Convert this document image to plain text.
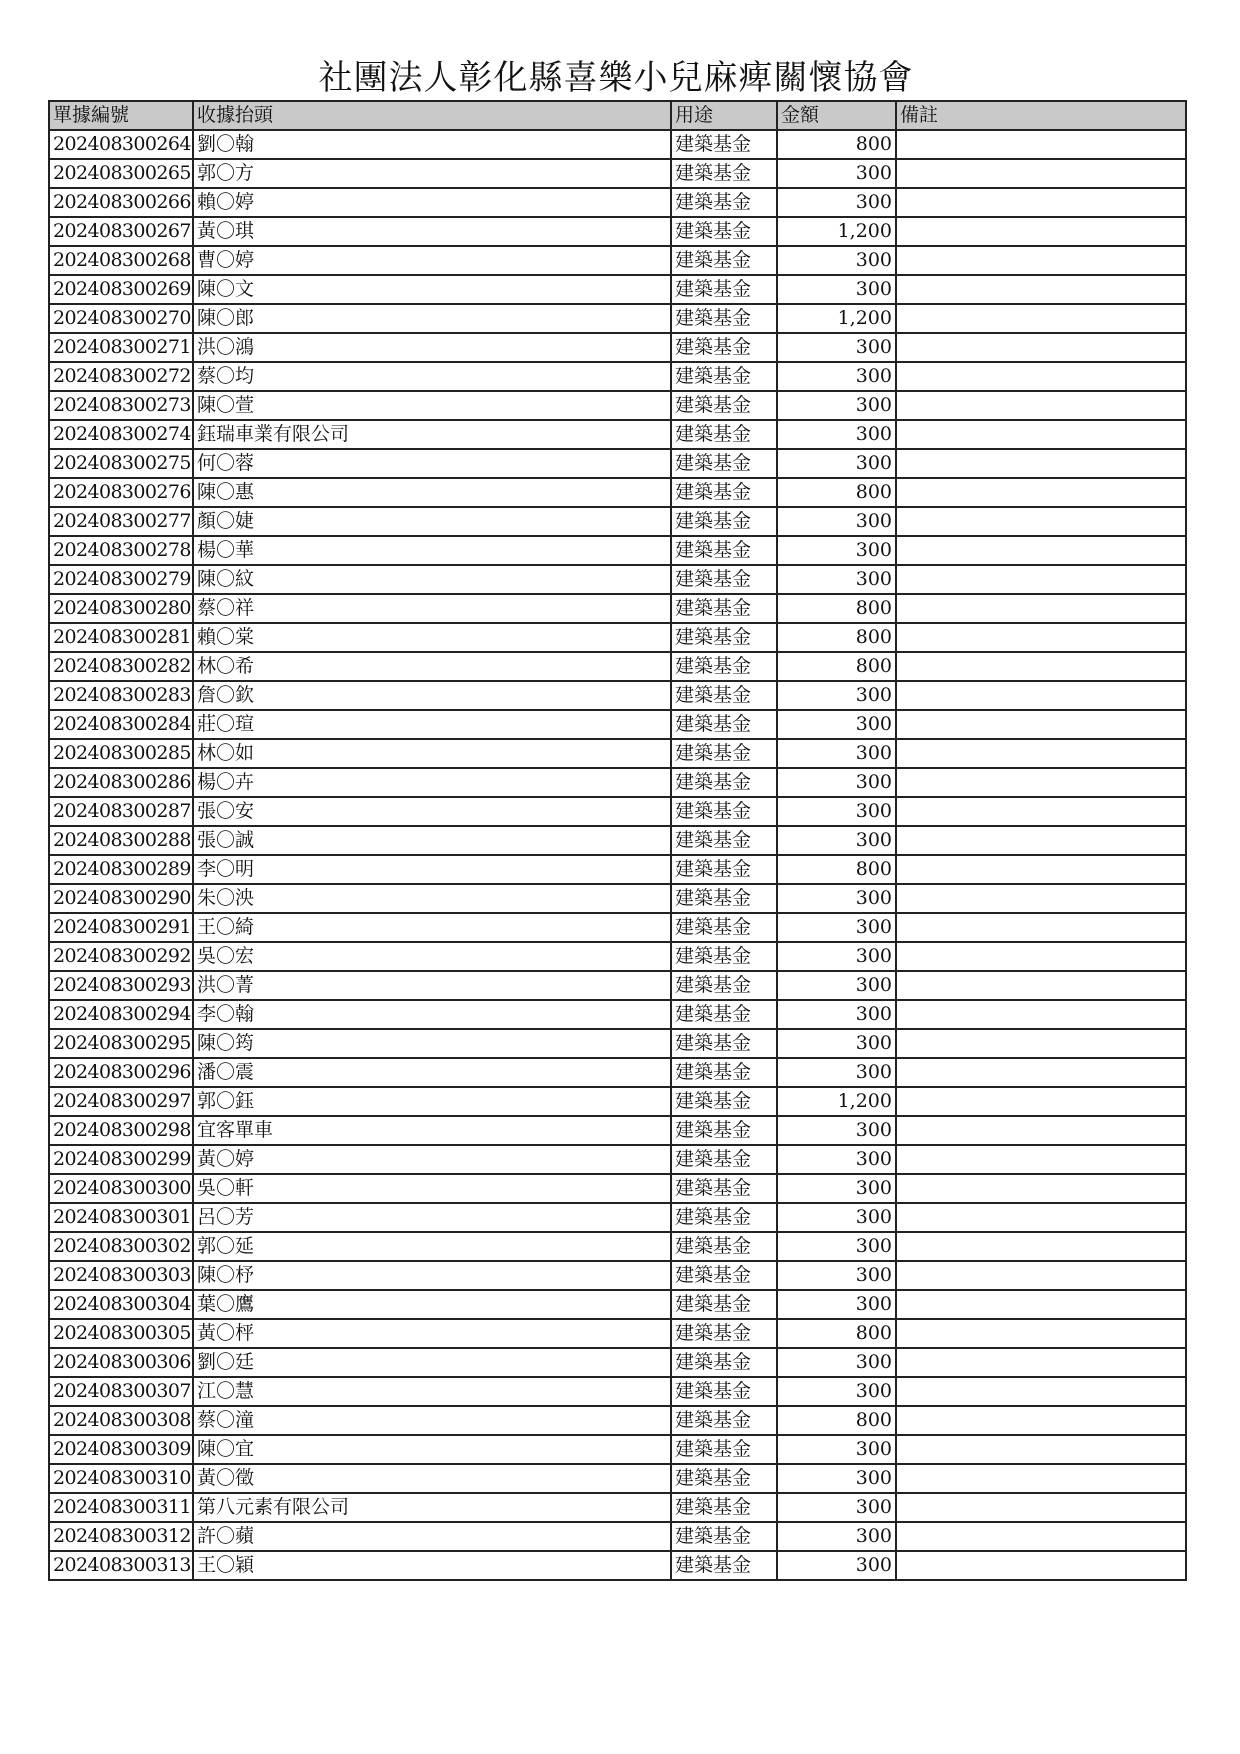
社團法人彰化縣喜樂小兒麻痺關懷協會
單據編號	收據抬頭	用途	金額	備註
202408300264	劉〇翰	建築基金	800	
202408300265	郭〇方	建築基金	300	
202408300266	賴〇婷	建築基金	300	
202408300267	黃〇琪	建築基金	1,200	
202408300268	曹〇婷	建築基金	300	
202408300269	陳〇文	建築基金	300	
202408300270	陳〇郎	建築基金	1,200	
202408300271	洪〇鴻	建築基金	300	
202408300272	蔡〇均	建築基金	300	
202408300273	陳〇萱	建築基金	300	
202408300274	鈺瑞車業有限公司	建築基金	300	
202408300275	何〇蓉	建築基金	300	
202408300276	陳〇惠	建築基金	800	
202408300277	顏〇婕	建築基金	300	
202408300278	楊〇華	建築基金	300	
202408300279	陳〇紋	建築基金	300	
202408300280	蔡〇祥	建築基金	800	
202408300281	賴〇棠	建築基金	800	
202408300282	林〇希	建築基金	800	
202408300283	詹〇欽	建築基金	300	
202408300284	莊〇瑄	建築基金	300	
202408300285	林〇如	建築基金	300	
202408300286	楊〇卉	建築基金	300	
202408300287	張〇安	建築基金	300	
202408300288	張〇誠	建築基金	300	
202408300289	李〇明	建築基金	800	
202408300290	朱〇泱	建築基金	300	
202408300291	王〇綺	建築基金	300	
202408300292	吳〇宏	建築基金	300	
202408300293	洪〇菁	建築基金	300	
202408300294	李〇翰	建築基金	300	
202408300295	陳〇筠	建築基金	300	
202408300296	潘〇震	建築基金	300	
202408300297	郭〇鈺	建築基金	1,200	
202408300298	宜客單車	建築基金	300	
202408300299	黃〇婷	建築基金	300	
202408300300	吳〇軒	建築基金	300	
202408300301	呂〇芳	建築基金	300	
202408300302	郭〇延	建築基金	300	
202408300303	陳〇杼	建築基金	300	
202408300304	葉〇鷹	建築基金	300	
202408300305	黃〇枰	建築基金	800	
202408300306	劉〇廷	建築基金	300	
202408300307	江〇慧	建築基金	300	
202408300308	蔡〇潼	建築基金	800	
202408300309	陳〇宜	建築基金	300	
202408300310	黃〇徵	建築基金	300	
202408300311	第八元素有限公司	建築基金	300	
202408300312	許〇蘋	建築基金	300	
202408300313	王〇穎	建築基金	300	
